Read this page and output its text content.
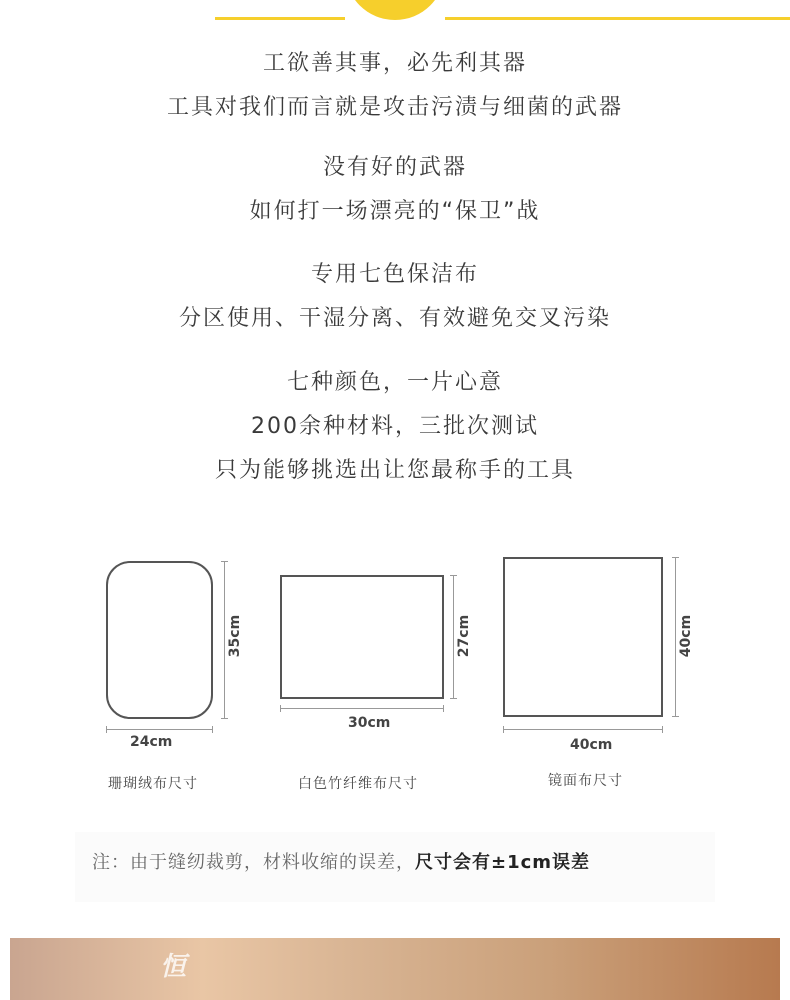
工欲善其事，必先利其器
工具对我们而言就是攻击污渍与细菌的武器
没有好的武器
如何打一场漂亮的“保卫”战
专用七色保洁布
分区使用、干湿分离、有效避免交叉污染
七种颜色，一片心意
200余种材料，三批次测试
只为能够挑选出让您最称手的工具
35cm
24cm
珊瑚绒布尺寸
27cm
30cm
白色竹纤维布尺寸
40cm
40cm
镜面布尺寸
注：由于缝纫裁剪，材料收缩的误差，尺寸会有±1cm误差
恒
